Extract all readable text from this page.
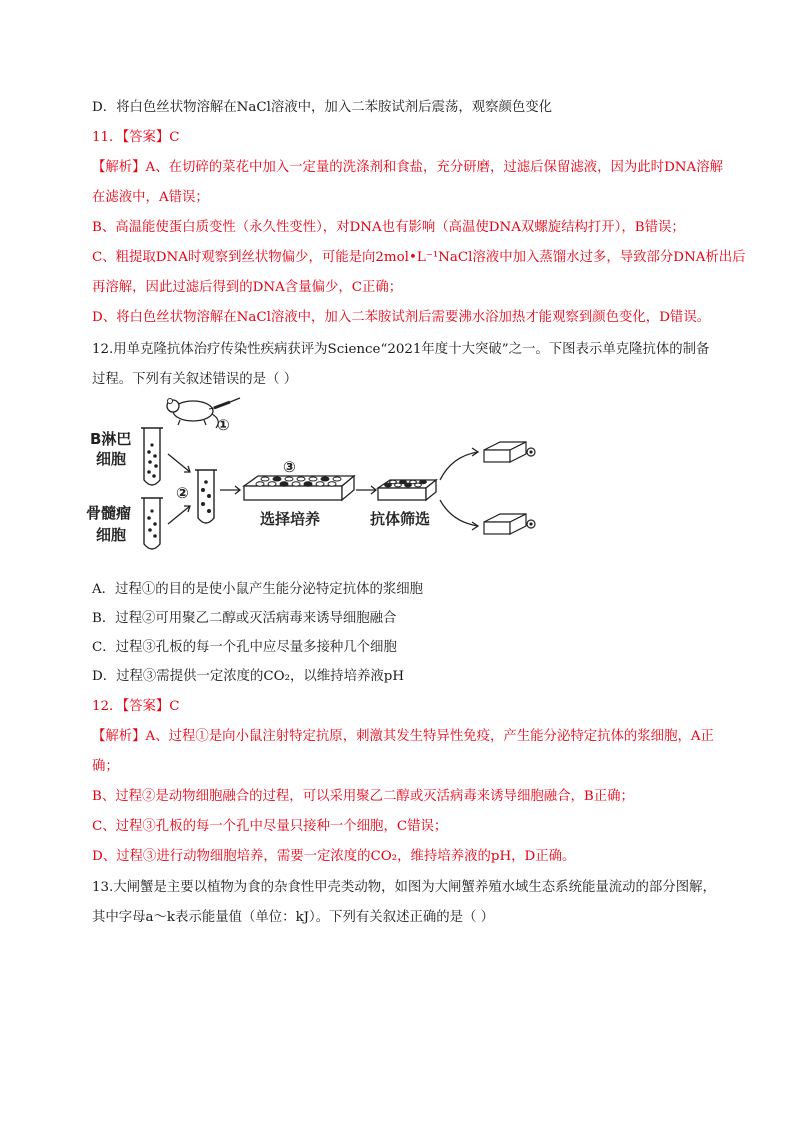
D．将白色丝状物溶解在NaCl溶液中，加入二苯胺试剂后震荡，观察颜色变化
11．【答案】C
【解析】A、在切碎的菜花中加入一定量的洗涤剂和食盐，充分研磨，过滤后保留滤液，因为此时DNA溶解
在滤液中，A错误；
B、高温能使蛋白质变性（永久性变性），对DNA也有影响（高温使DNA双螺旋结构打开），B错误；
C、粗提取DNA时观察到丝状物偏少，可能是向2mol•L⁻¹NaCl溶液中加入蒸馏水过多，导致部分DNA析出后
再溶解，因此过滤后得到的DNA含量偏少，C正确；
D、将白色丝状物溶解在NaCl溶液中，加入二苯胺试剂后需要沸水浴加热才能观察到颜色变化，D错误。
12.用单克隆抗体治疗传染性疾病获评为Science“2021年度十大突破”之一。下图表示单克隆抗体的制备
过程。下列有关叙述错误的是（ ）
①
B淋巴
细胞
骨髓瘤
细胞
②
③
选择培养	抗体筛选
A．过程①的目的是使小鼠产生能分泌特定抗体的浆细胞
B．过程②可用聚乙二醇或灭活病毒来诱导细胞融合
C．过程③孔板的每一个孔中应尽量多接种几个细胞
D．过程③需提供一定浓度的CO₂，以维持培养液pH
12．【答案】C
【解析】A、过程①是向小鼠注射特定抗原，刺激其发生特异性免疫，产生能分泌特定抗体的浆细胞，A正
确；
B、过程②是动物细胞融合的过程，可以采用聚乙二醇或灭活病毒来诱导细胞融合，B正确；
C、过程③孔板的每一个孔中尽量只接种一个细胞，C错误；
D、过程③进行动物细胞培养，需要一定浓度的CO₂，维持培养液的pH，D正确。
13.大闸蟹是主要以植物为食的杂食性甲壳类动物，如图为大闸蟹养殖水域生态系统能量流动的部分图解，
其中字母a～k表示能量值（单位：kJ）。下列有关叙述正确的是（ ）
